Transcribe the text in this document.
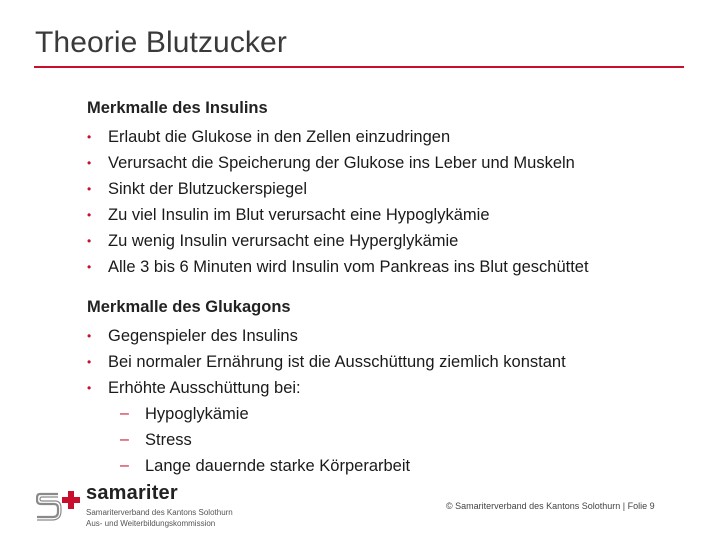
Theorie Blutzucker
Merkmalle des Insulins
•	Erlaubt die Glukose in den Zellen einzudringen
•	Verursacht die Speicherung der Glukose ins Leber und Muskeln
•	Sinkt der Blutzuckerspiegel
•	Zu viel Insulin im Blut verursacht eine Hypoglykämie
•	Zu wenig Insulin verursacht eine Hyperglykämie
•	Alle 3 bis 6 Minuten wird Insulin vom Pankreas ins Blut geschüttet
Merkmalle des Glukagons
•	Gegenspieler des Insulins
•	Bei normaler Ernährung ist die Ausschüttung ziemlich konstant
•	Erhöhte Ausschüttung bei:
– Hypoglykämie
– Stress
– Lange dauernde starke Körperarbeit
samariter
Samariterverband des Kantons Solothurn
Aus- und Weiterbildungskommission
© Samariterverband des Kantons Solothurn | Folie 9
